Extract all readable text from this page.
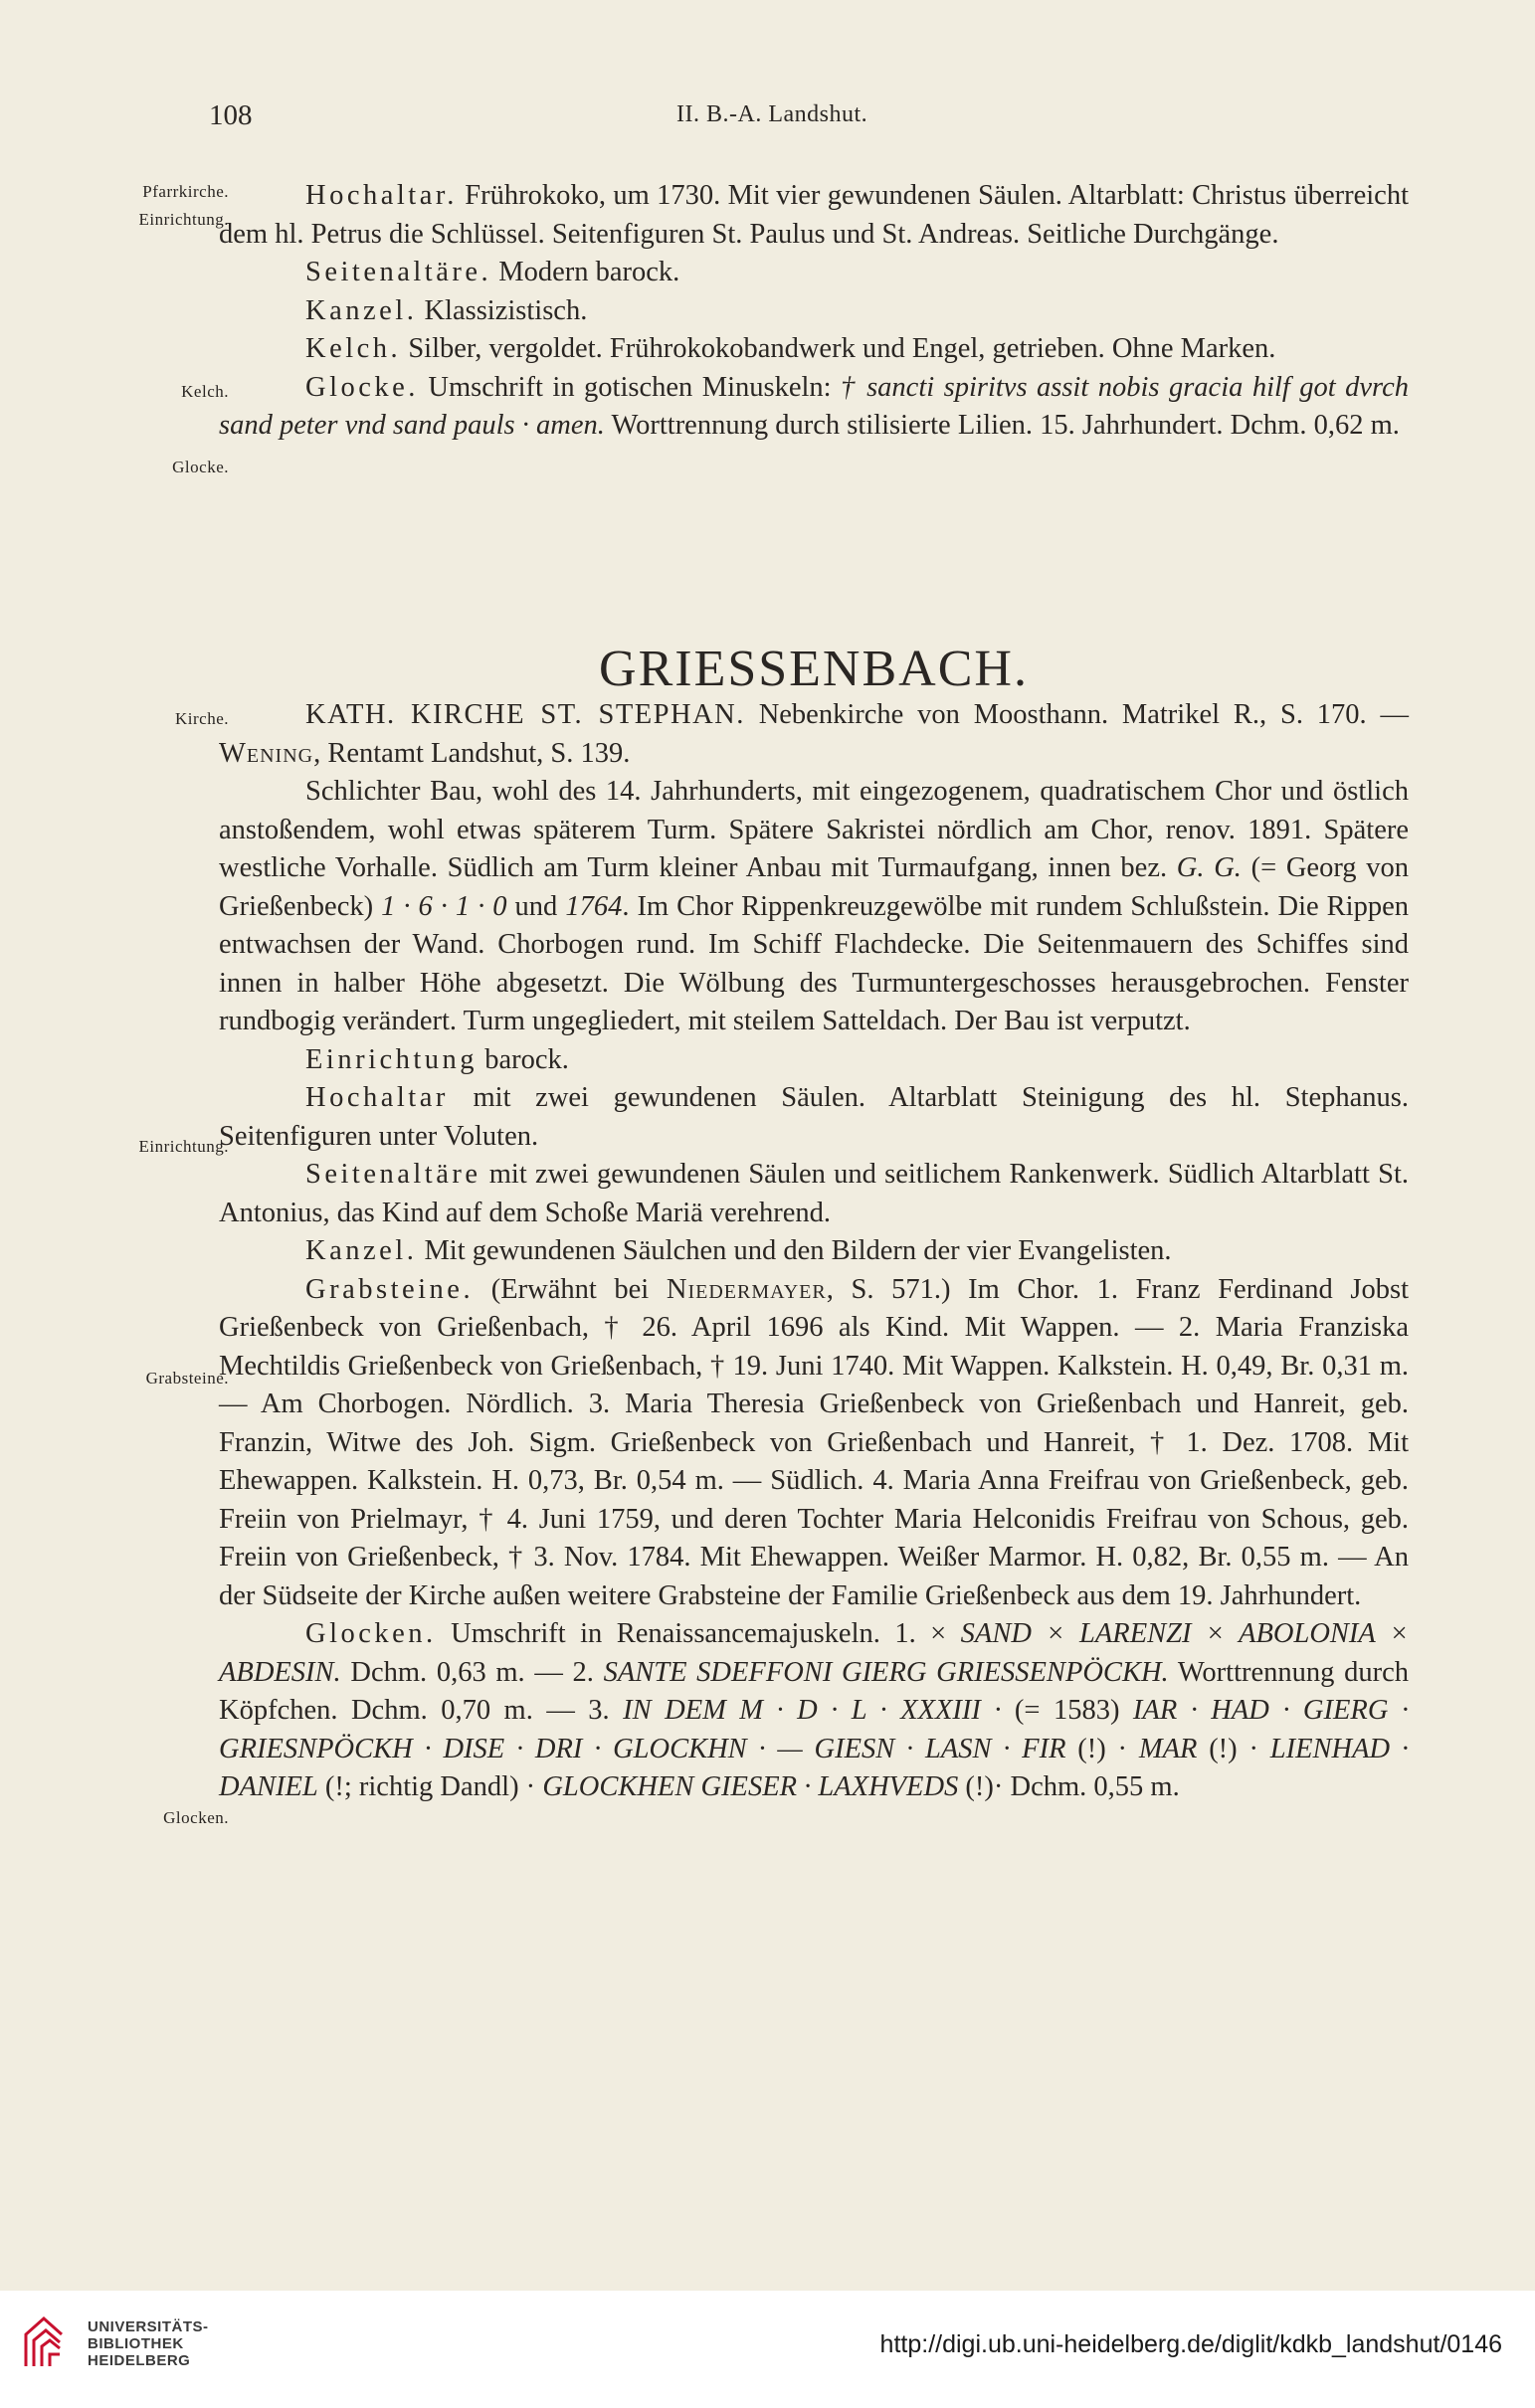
108	II. B.-A. Landshut.
Pfarrkirche.
Einrichtung.
Kelch.
Glocke.
Kirche.
Einrichtung.
Grabsteine.
Glocken.

Hochaltar. Frührokoko, um 1730. Mit vier gewundenen Säulen. Altarblatt: Christus überreicht dem hl. Petrus die Schlüssel. Seitenfiguren St. Paulus und St. Andreas. Seitliche Durchgänge.

Seitenaltäre. Modern barock.

Kanzel. Klassizistisch.

Kelch. Silber, vergoldet. Frührokokobandwerk und Engel, getrieben. Ohne Marken.

Glocke. Umschrift in gotischen Minuskeln: † sancti spiritvs assit nobis gracia hilf got dvrch sand peter vnd sand pauls · amen. Worttrennung durch stilisierte Lilien. 15. Jahrhundert. Dchm. 0,62 m.

GRIESSENBACH.

KATH. KIRCHE ST. STEPHAN. Nebenkirche von Moosthann. Matrikel R., S. 170. — Wening, Rentamt Landshut, S. 139.

Schlichter Bau, wohl des 14. Jahrhunderts, mit eingezogenem, quadratischem Chor und östlich anstoßendem, wohl etwas späterem Turm. Spätere Sakristei nördlich am Chor, renov. 1891. Spätere westliche Vorhalle. Südlich am Turm kleiner Anbau mit Turmaufgang, innen bez. G. G. (= Georg von Grießenbeck) 1 · 6 · 1 · 0 und 1764. Im Chor Rippenkreuzgewölbe mit rundem Schlußstein. Die Rippen entwachsen der Wand. Chorbogen rund. Im Schiff Flachdecke. Die Seitenmauern des Schiffes sind innen in halber Höhe abgesetzt. Die Wölbung des Turmuntergeschosses herausgebrochen. Fenster rundbogig verändert. Turm ungegliedert, mit steilem Satteldach. Der Bau ist verputzt.

Einrichtung barock.

Hochaltar mit zwei gewundenen Säulen. Altarblatt Steinigung des hl. Stephanus. Seitenfiguren unter Voluten.

Seitenaltäre mit zwei gewundenen Säulen und seitlichem Rankenwerk. Südlich Altarblatt St. Antonius, das Kind auf dem Schoße Mariä verehrend.

Kanzel. Mit gewundenen Säulchen und den Bildern der vier Evangelisten.

Grabsteine. (Erwähnt bei Niedermayer, S. 571.) Im Chor. 1. Franz Ferdinand Jobst Grießenbeck von Grießenbach, † 26. April 1696 als Kind. Mit Wappen. — 2. Maria Franziska Mechtildis Grießenbeck von Grießenbach, † 19. Juni 1740. Mit Wappen. Kalkstein. H. 0,49, Br. 0,31 m. — Am Chorbogen. Nördlich. 3. Maria Theresia Grießenbeck von Grießenbach und Hanreit, geb. Franzin, Witwe des Joh. Sigm. Grießenbeck von Grießenbach und Hanreit, † 1. Dez. 1708. Mit Ehewappen. Kalkstein. H. 0,73, Br. 0,54 m. — Südlich. 4. Maria Anna Freifrau von Grießenbeck, geb. Freiin von Prielmayr, † 4. Juni 1759, und deren Tochter Maria Helconidis Freifrau von Schous, geb. Freiin von Grießenbeck, † 3. Nov. 1784. Mit Ehewappen. Weißer Marmor. H. 0,82, Br. 0,55 m. — An der Südseite der Kirche außen weitere Grabsteine der Familie Grießenbeck aus dem 19. Jahrhundert.

Glocken. Umschrift in Renaissancemajuskeln. 1. × SAND × LARENZI × ABOLONIA × ABDESIN. Dchm. 0,63 m. — 2. SANTE SDEFFONI GIERG GRIESSENPÖCKH. Worttrennung durch Köpfchen. Dchm. 0,70 m. — 3. IN DEM M · D · L · XXXIII · (= 1583) IAR · HAD · GIERG · GRIESNPÖCKH · DISE · DRI · GLOCKHN · — GIESN · LASN · FIR (!) · MAR (!) · LIENHAD · DANIEL (!; richtig Dandl) · GLOCKHEN GIESER · LAXHVEDS (!)· Dchm. 0,55 m.

UNIVERSITÄTS-
BIBLIOTHEK
HEIDELBERG
http://digi.ub.uni-heidelberg.de/diglit/kdkb_landshut/0146
